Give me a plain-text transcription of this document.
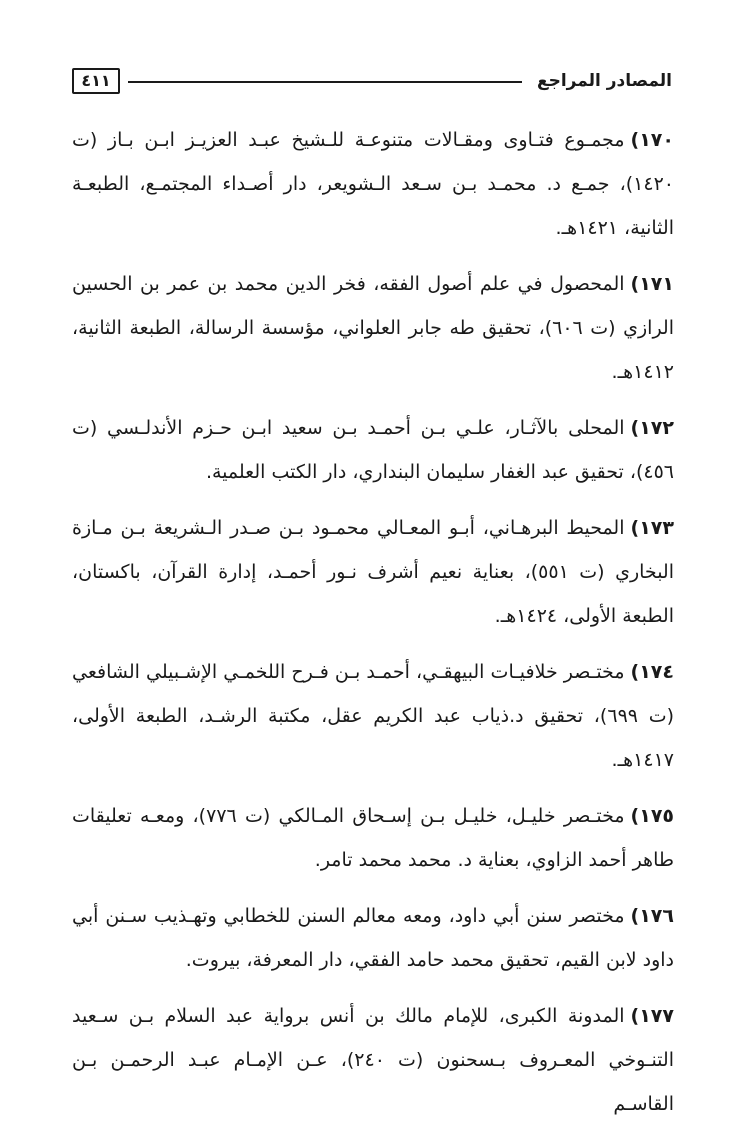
المصادر المراجع
٤١١

١٧٠)مجمـوع فتـاوى ومقـالات متنوعـة للـشيخ عبـد العزيـز ابـن بـاز (ت ١٤٢٠)، جمـع د. محمـد بـن سـعد الـشويعر، دار أصـداء المجتمـع، الطبعـة الثانية، ١٤٢١هـ.

١٧١)المحصول في علم أصول الفقه، فخر الدين محمد بن عمر بن الحسين الرازي (ت ٦٠٦)، تحقيق طه جابر العلواني، مؤسسة الرسالة، الطبعة الثانية، ١٤١٢هـ.

١٧٢)المحلى بالآثـار، علـي بـن أحمـد بـن سعيد ابـن حـزم الأندلـسي (ت ٤٥٦)، تحقيق عبد الغفار سليمان البنداري، دار الكتب العلمية.

١٧٣)المحيط البرهـاني، أبـو المعـالي محمـود بـن صـدر الـشريعة بـن مـازة البخاري (ت ٥٥١)، بعناية نعيم أشرف نـور أحمـد، إدارة القرآن، باكستان، الطبعة الأولى، ١٤٢٤هـ.

١٧٤)مختـصر خلافيـات البيهقـي، أحمـد بـن فـرح اللخمـي الإشـبيلي الشافعي (ت ٦٩٩)، تحقيق د.ذياب عبد الكريم عقل، مكتبة الرشـد، الطبعة الأولى، ١٤١٧هـ.

١٧٥)مختـصر خليـل، خليـل بـن إسـحاق المـالكي (ت ٧٧٦)، ومعـه تعليقات طاهر أحمد الزاوي، بعناية د. محمد محمد تامر.

١٧٦)مختصر سنن أبي داود، ومعه معالم السنن للخطابي وتهـذيب سـنن أبي داود لابن القيم، تحقيق محمد حامد الفقي، دار المعرفة، بيروت.

١٧٧)المدونة الكبرى، للإمام مالك بن أنس برواية عبد السلام بـن سـعيد التنـوخي المعـروف بـسحنون (ت ٢٤٠)، عـن الإمـام عبـد الرحمـن بـن القاسـم
